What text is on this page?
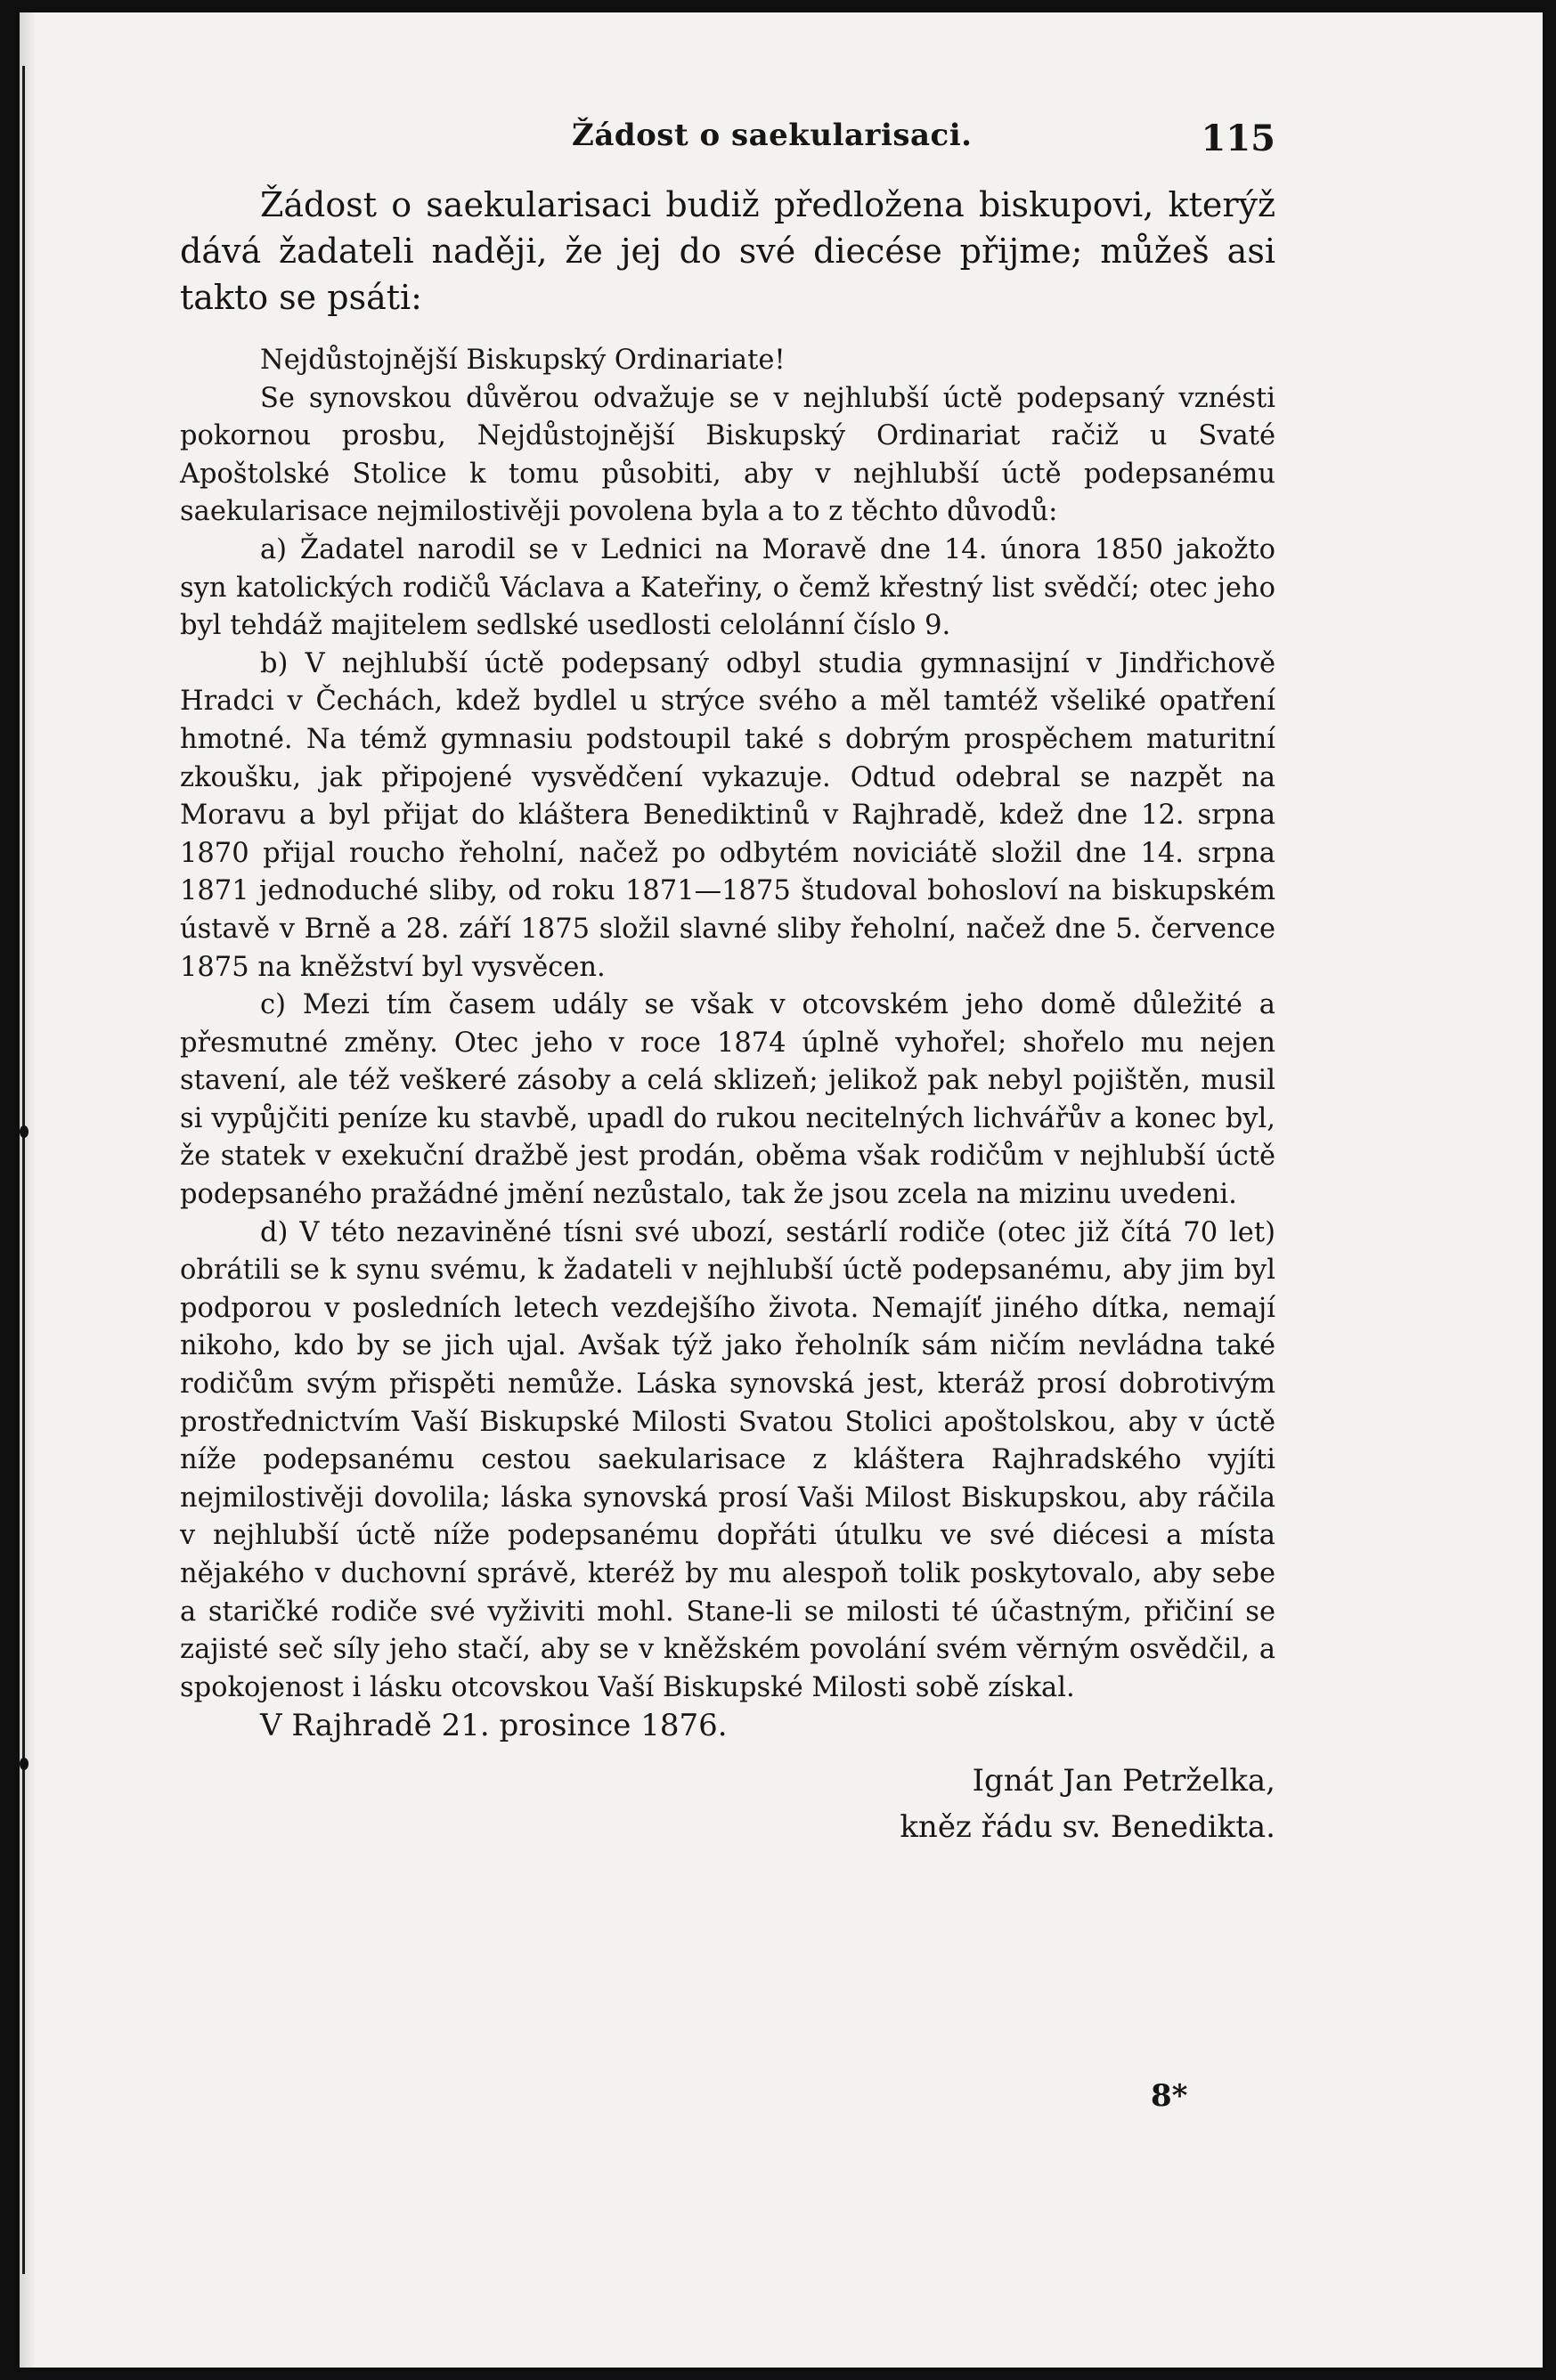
Žádost o saekularisaci.	115

Žádost o saekularisaci budiž předložena biskupovi, kterýž dává žadateli naději, že jej do své diecése přijme; můžeš asi takto se psáti:

Nejdůstojnější Biskupský Ordinariate!

Se synovskou důvěrou odvažuje se v nejhlubší úctě podepsaný vznésti pokornou prosbu, Nejdůstojnější Biskupský Ordinariat račiž u Svaté Apoštolské Stolice k tomu působiti, aby v nejhlubší úctě podepsanému saekularisace nejmilostivěji povolena byla a to z těchto důvodů:

a) Žadatel narodil se v Lednici na Moravě dne 14. února 1850 jakožto syn katolických rodičů Václava a Kateřiny, o čemž křestný list svědčí; otec jeho byl tehdáž majitelem sedlské usedlosti celolánní číslo 9.

b) V nejhlubší úctě podepsaný odbyl studia gymnasijní v Jindřichově Hradci v Čechách, kdež bydlel u strýce svého a měl tamtéž všeliké opatření hmotné. Na témž gymnasiu podstoupil také s dobrým prospěchem maturitní zkoušku, jak připojené vysvědčení vykazuje. Odtud odebral se nazpět na Moravu a byl přijat do kláštera Benediktinů v Rajhradě, kdež dne 12. srpna 1870 přijal roucho řeholní, načež po odbytém noviciátě složil dne 14. srpna 1871 jednoduché sliby, od roku 1871—1875 študoval bohosloví na biskupském ústavě v Brně a 28. září 1875 složil slavné sliby řeholní, načež dne 5. července 1875 na kněžství byl vysvěcen.

c) Mezi tím časem udály se však v otcovském jeho domě důležité a přesmutné změny. Otec jeho v roce 1874 úplně vyhořel; shořelo mu nejen stavení, ale též veškeré zásoby a celá sklizeň; jelikož pak nebyl pojištěn, musil si vypůjčiti peníze ku stavbě, upadl do rukou necitelných lichvářův a konec byl, že statek v exekuční dražbě jest prodán, oběma však rodičům v nejhlubší úctě podepsaného pražádné jmění nezůstalo, tak že jsou zcela na mizinu uvedeni.

d) V této nezaviněné tísni své ubozí, sestárlí rodiče (otec již čítá 70 let) obrátili se k synu svému, k žadateli v nejhlubší úctě podepsanému, aby jim byl podporou v posledních letech vezdejšího života. Nemajíť jiného dítka, nemají nikoho, kdo by se jich ujal. Avšak týž jako řeholník sám ničím nevládna také rodičům svým přispěti nemůže. Láska synovská jest, kteráž prosí dobrotivým prostřednictvím Vaší Biskupské Milosti Svatou Stolici apoštolskou, aby v úctě níže podepsanému cestou saekularisace z kláštera Rajhradského vyjíti nejmilostivěji dovolila; láska synovská prosí Vaši Milost Biskupskou, aby ráčila v nejhlubší úctě níže podepsanému dopřáti útulku ve své diécesi a místa nějakého v duchovní správě, kteréž by mu alespoň tolik poskytovalo, aby sebe a staričké rodiče své vyživiti mohl. Stane-li se milosti té účastným, přičiní se zajisté seč síly jeho stačí, aby se v kněžském povolání svém věrným osvědčil, a spokojenost i lásku otcovskou Vaší Biskupské Milosti sobě získal.

V Rajhradě 21. prosince 1876.

Ignát Jan Petrželka,
kněz řádu sv. Benedikta.
8*
